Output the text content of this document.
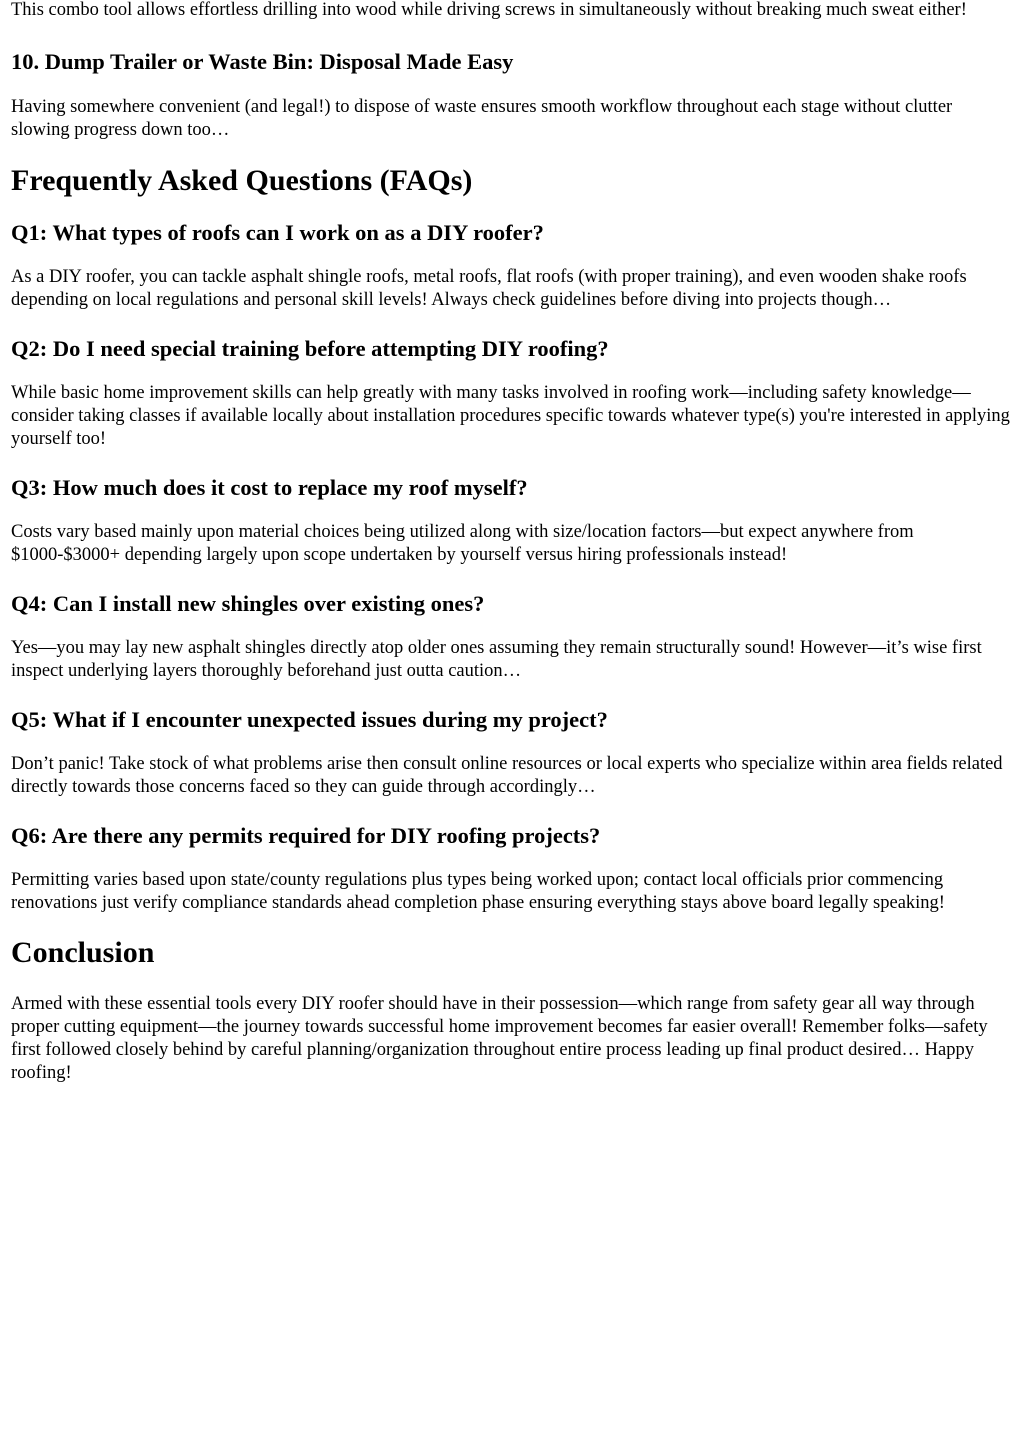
This combo tool allows effortless drilling into wood while driving screws in simultaneously without breaking much sweat either!

10. Dump Trailer or Waste Bin: Disposal Made Easy

Having somewhere convenient (and legal!) to dispose of waste ensures smooth workflow throughout each stage without clutter slowing progress down too…

Frequently Asked Questions (FAQs)
Q1: What types of roofs can I work on as a DIY roofer?

As a DIY roofer, you can tackle asphalt shingle roofs, metal roofs, flat roofs (with proper training), and even wooden shake roofs depending on local regulations and personal skill levels! Always check guidelines before diving into projects though…

Q2: Do I need special training before attempting DIY roofing?

While basic home improvement skills can help greatly with many tasks involved in roofing work—including safety knowledge—consider taking classes if available locally about installation procedures specific towards whatever type(s) you're interested in applying yourself too!

Q3: How much does it cost to replace my roof myself?

Costs vary based mainly upon material choices being utilized along with size/location factors—but expect anywhere from $1000-$3000+ depending largely upon scope undertaken by yourself versus hiring professionals instead!

Q4: Can I install new shingles over existing ones?

Yes—you may lay new asphalt shingles directly atop older ones assuming they remain structurally sound! However—it’s wise first inspect underlying layers thoroughly beforehand just outta caution…

Q5: What if I encounter unexpected issues during my project?

Don’t panic! Take stock of what problems arise then consult online resources or local experts who specialize within area fields related directly towards those concerns faced so they can guide through accordingly…

Q6: Are there any permits required for DIY roofing projects?

Permitting varies based upon state/county regulations plus types being worked upon; contact local officials prior commencing renovations just verify compliance standards ahead completion phase ensuring everything stays above board legally speaking!

Conclusion

Armed with these essential tools every DIY roofer should have in their possession—which range from safety gear all way through proper cutting equipment—the journey towards successful home improvement becomes far easier overall! Remember folks—safety first followed closely behind by careful planning/organization throughout entire process leading up final product desired… Happy roofing!
